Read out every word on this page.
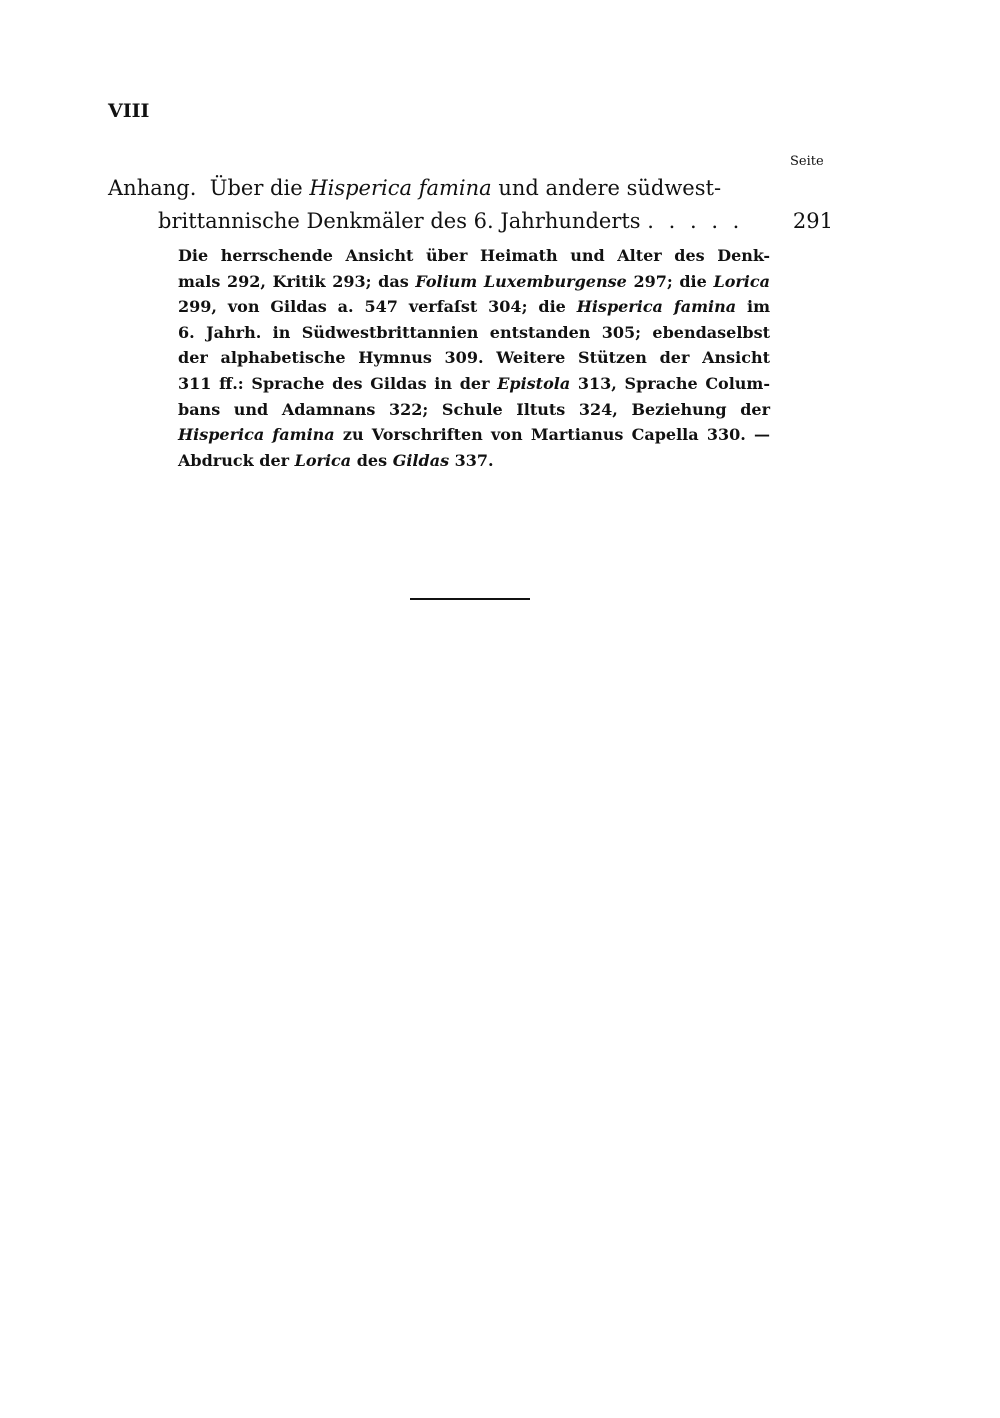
VIII
Seite
Anhang. Über die Hisperica famina und andere südwest-
brittannische Denkmäler des 6. Jahrhunderts . . . . . 291
Die herrschende Ansicht über Heimath und Alter des Denk-
mals 292, Kritik 293; das Folium Luxemburgense 297; die Lorica
299, von Gildas a. 547 verfaſst 304; die Hisperica famina im
6. Jahrh. in Südwestbrittannien entstanden 305; ebendaselbst
der alphabetische Hymnus 309. Weitere Stützen der Ansicht
311 ff.: Sprache des Gildas in der Epistola 313, Sprache Colum-
bans und Adamnans 322; Schule Iltuts 324, Beziehung der
Hisperica famina zu Vorschriften von Martianus Capella 330. —
Abdruck der Lorica des Gildas 337.
